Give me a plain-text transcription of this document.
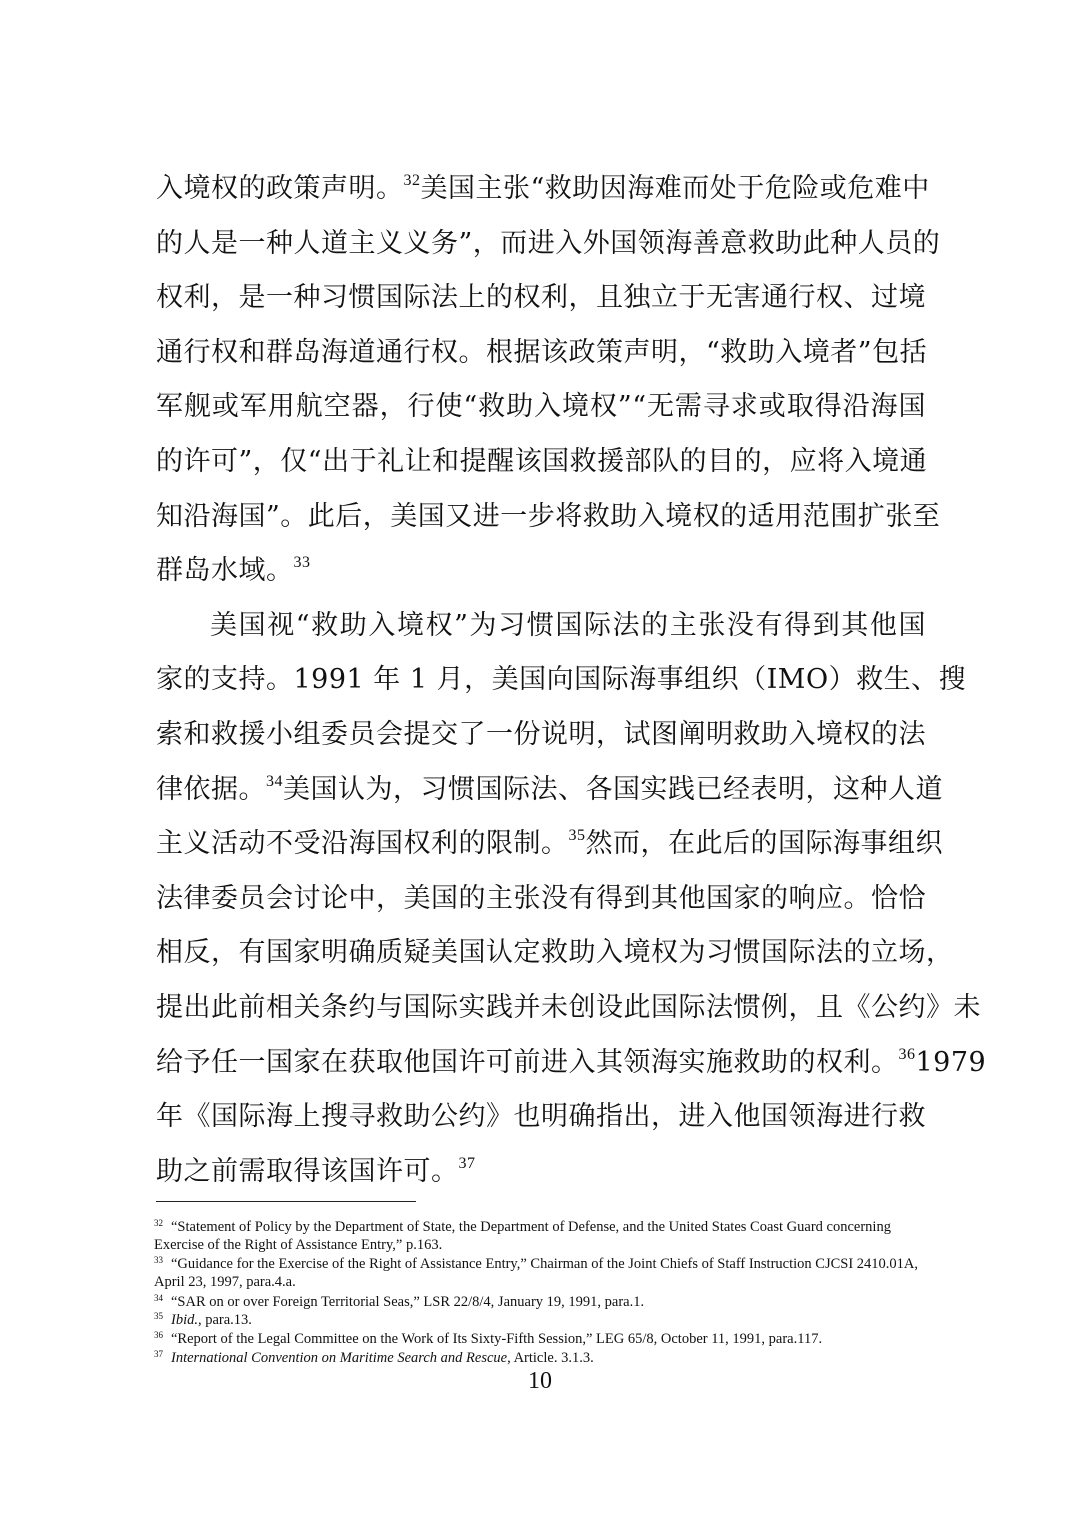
入境权的政策声明。$^{32}$美国主张“救助因海难而处于危险或危难中
的人是一种人道主义义务”，而进入外国领海善意救助此种人员的
权利，是一种习惯国际法上的权利，且独立于无害通行权、过境
通行权和群岛海道通行权。根据该政策声明，“救助入境者”包括
军舰或军用航空器，行使“救助入境权”“无需寻求或取得沿海国
的许可”，仅“出于礼让和提醒该国救援部队的目的，应将入境通
知沿海国”。此后，美国又进一步将救助入境权的适用范围扩张至
群岛水域。$^{33}$
美国视“救助入境权”为习惯国际法的主张没有得到其他国
家的支持。1991 年 1 月，美国向国际海事组织（IMO）救生、搜
索和救援小组委员会提交了一份说明，试图阐明救助入境权的法
律依据。$^{34}$美国认为，习惯国际法、各国实践已经表明，这种人道
主义活动不受沿海国权利的限制。$^{35}$然而，在此后的国际海事组织
法律委员会讨论中，美国的主张没有得到其他国家的响应。恰恰
相反，有国家明确质疑美国认定救助入境权为习惯国际法的立场，
提出此前相关条约与国际实践并未创设此国际法惯例，且《公约》未
给予任一国家在获取他国许可前进入其领海实施救助的权利。$^{36}$1979
年《国际海上搜寻救助公约》也明确指出，进入他国领海进行救
助之前需取得该国许可。$^{37}$
$^{32}$ “Statement of Policy by the Department of State, the Department of Defense, and the United States Coast Guard concerning Exercise of the Right of Assistance Entry,” p.163.
$^{33}$ “Guidance for the Exercise of the Right of Assistance Entry,” Chairman of the Joint Chiefs of Staff Instruction CJCSI 2410.01A, April 23, 1997, para.4.a.
$^{34}$ “SAR on or over Foreign Territorial Seas,” LSR 22/8/4, January 19, 1991, para.1.
$^{35}$ Ibid., para.13.
$^{36}$ “Report of the Legal Committee on the Work of Its Sixty-Fifth Session,” LEG 65/8, October 11, 1991, para.117.
$^{37}$ International Convention on Maritime Search and Rescue, Article. 3.1.3.
10
